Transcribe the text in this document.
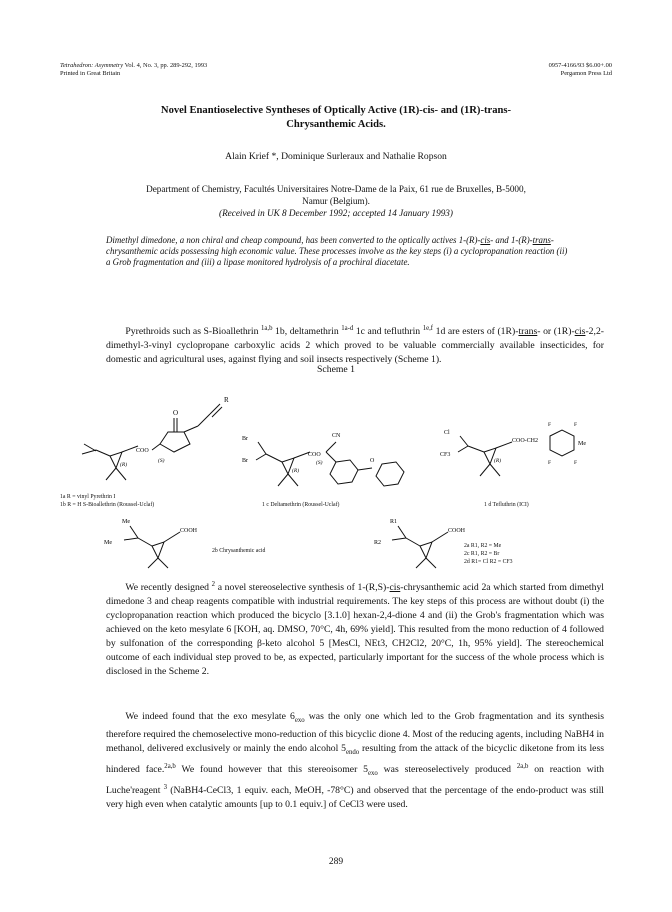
Tetrahedron: Asymmetry Vol. 4, No. 3, pp. 289-292, 1993
Printed in Great Britain
0957-4166/93 $6.00+.00
Pergamon Press Ltd
Novel Enantioselective Syntheses of Optically Active (1R)-cis- and (1R)-trans-
Chrysanthemic Acids.
Alain Krief *, Dominique Surleraux and Nathalie Ropson
Department of Chemistry, Facultés Universitaires Notre-Dame de la Paix, 61 rue de Bruxelles, B-5000,
Namur (Belgium).
(Received in UK 8 December 1992; accepted 14 January 1993)
Dimethyl dimedone, a non chiral and cheap compound, has been converted to the optically actives 1-(R)-cis- and 1-(R)-trans-chrysanthemic acids possessing high economic value. These processes involve as the key steps (i) a cyclopropanation reaction (ii) a Grob fragmentation and (iii) a lipase monitored hydrolysis of a prochiral diacetate.
  Pyrethroids such as S-Bioallethrin $^{1a,b}$ 1b, deltamethrin $^{1a-d}$ 1c and tefluthrin $^{1e,f}$ 1d are esters of (1R)-trans- or (1R)-cis-2,2-dimethyl-3-vinyl cyclopropane carboxylic acids 2 which proved to be valuable commercially available insecticides, for domestic and agricultural uses, against flying and soil insects respectively (Scheme 1).
Scheme 1
O
R
COO
(S)
(R)
Br
Br
CN
COO
(S)
(R)
O
Cl
CF3
COO-CH2
(R)
F	F
F	F
Me
Me
Me
COOH
R1
R2
COOH
1a R = vinyl Pyrethrin I
1b R = H S-Bioallethrin (Roussel-Uclaf)	1 c Deltamethrin (Roussel-Uclaf)	1 d Tefluthrin (ICI)
2b Chrysanthemic acid
2a R1, R2 = Me
2c R1, R2 = Br
2d R1= Cl R2 = CF3
  We recently designed $^2$ a novel stereoselective synthesis of 1-(R,S)-cis-chrysanthemic acid 2a which started from dimethyl dimedone 3 and cheap reagents compatible with industrial requirements. The key steps of this process are without doubt (i) the cyclopropanation reaction which produced the bicyclo [3.1.0] hexan-2,4-dione 4 and (ii) the Grob's fragmentation which was achieved on the keto mesylate 6 [KOH, aq. DMSO, 70°C, 4h, 69% yield]. This resulted from the mono reduction of 4 followed by sulfonation of the corresponding β-keto alcohol 5 [MesCl, NEt3, CH2Cl2, 20°C, 1h, 95% yield]. The stereochemical outcome of each individual step proved to be, as expected, particularly important for the success of the whole process which is disclosed in the Scheme 2.
  We indeed found that the exo mesylate $6_{exo}$ was the only one which led to the Grob fragmentation and its synthesis therefore required the chemoselective mono-reduction of this bicyclic dione 4. Most of the reducing agents, including NaBH4 in methanol, delivered exclusively or mainly the endo alcohol $5_{endo}$ resulting from the attack of the bicyclic diketone from its less hindered face.$^{2a,b}$ We found however that this stereoisomer $5_{exo}$ was stereoselectively produced $^{2a,b}$ on reaction with Luche'reagent $^3$ (NaBH4-CeCl3, 1 equiv. each, MeOH, -78°C) and observed that the percentage of the endo-product was still very high even when catalytic amounts [up to 0.1 equiv.] of CeCl3 were used.
289
